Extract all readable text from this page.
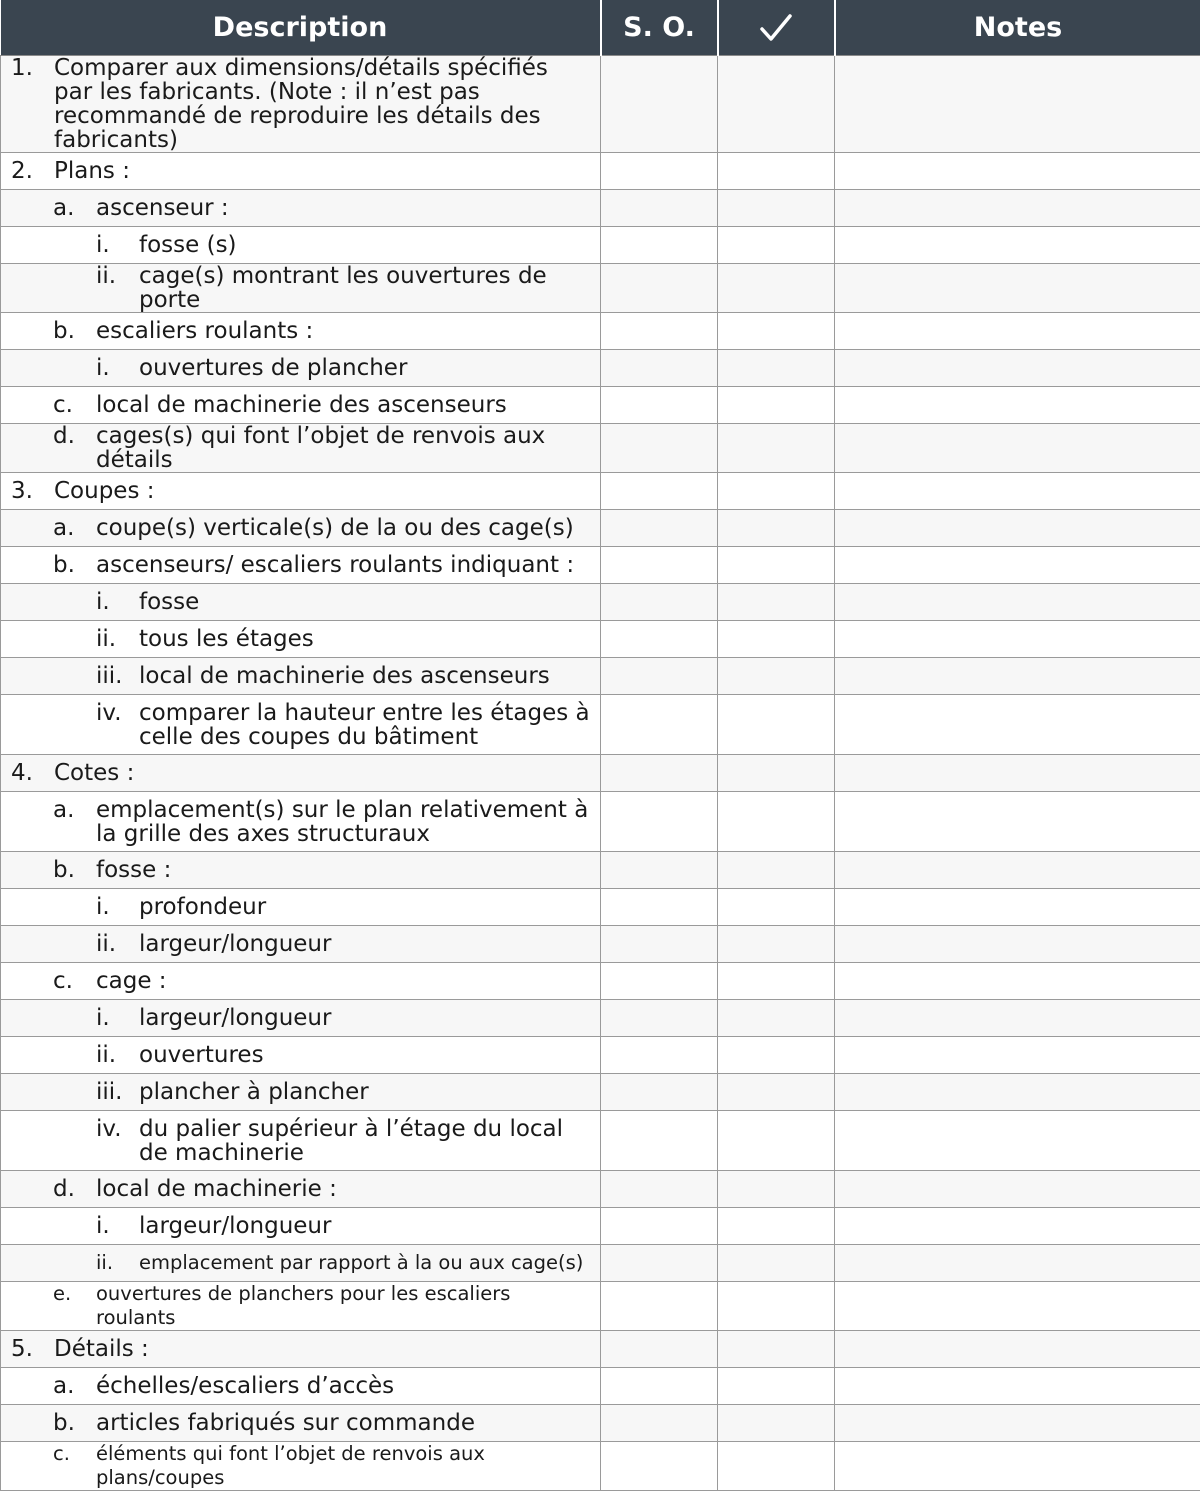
Description	S. O.		Notes

1. Comparer aux dimensions/détails spécifiés par les fabricants. (Note : il n’est pas recommandé de reproduire les détails des fabricants)			

2. Plans :			

a. ascenseur :			

i. fosse (s)			

ii. cage(s) montrant les ouvertures de porte			

b. escaliers roulants :			

i. ouvertures de plancher			

c. local de machinerie des ascenseurs			

d. cages(s) qui font l’objet de renvois aux détails			

3. Coupes :			

a. coupe(s) verticale(s) de la ou des cage(s)			

b. ascenseurs/ escaliers roulants indiquant :			

i. fosse			

ii. tous les étages			

iii. local de machinerie des ascenseurs			

iv. comparer la hauteur entre les étages à celle des coupes du bâtiment			

4. Cotes :			

a. emplacement(s) sur le plan relativement à la grille des axes structuraux			

b. fosse :			

i. profondeur			

ii. largeur/longueur			

c. cage :			

i. largeur/longueur			

ii. ouvertures			

iii. plancher à plancher			

iv. du palier supérieur à l’étage du local de machinerie			

d. local de machinerie :			

i. largeur/longueur			

ii. emplacement par rapport à la ou aux cage(s)			

e. ouvertures de planchers pour les escaliers roulants			

5. Détails :			

a. échelles/escaliers d’accès			

b. articles fabriqués sur commande			

c. éléments qui font l’objet de renvois aux plans/coupes			
